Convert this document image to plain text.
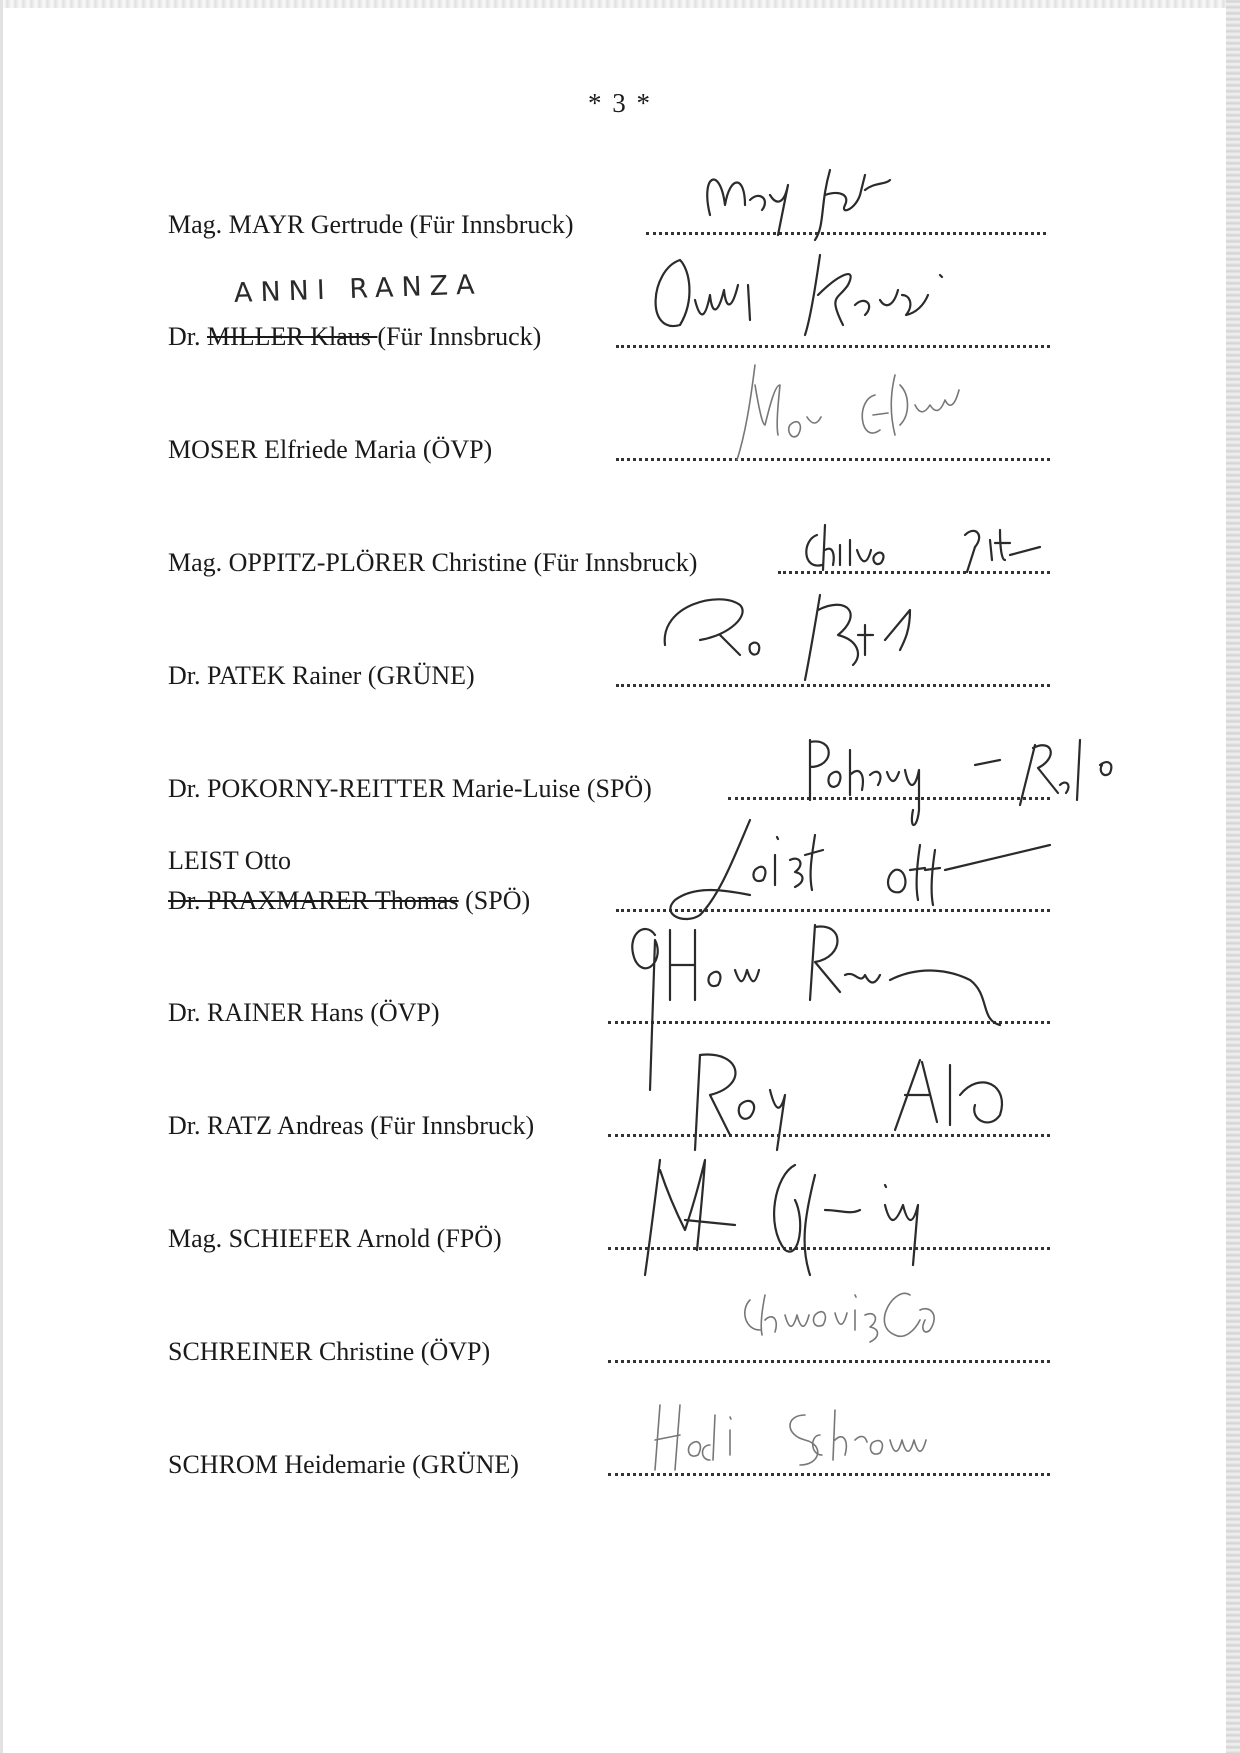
* 3 *
Mag. MAYR Gertrude (Für Innsbruck)
ANNI RANZA
Dr. MILLER Klaus (Für Innsbruck)
MOSER Elfriede Maria (ÖVP)
Mag. OPPITZ-PLÖRER Christine (Für Innsbruck)
Dr. PATEK Rainer (GRÜNE)
Dr. POKORNY-REITTER Marie-Luise (SPÖ)
LEIST Otto
Dr. PRAXMARER Thomas (SPÖ)
Dr. RAINER Hans (ÖVP)
Dr. RATZ Andreas (Für Innsbruck)
Mag. SCHIEFER Arnold (FPÖ)
SCHREINER Christine (ÖVP)
SCHROM Heidemarie (GRÜNE)
